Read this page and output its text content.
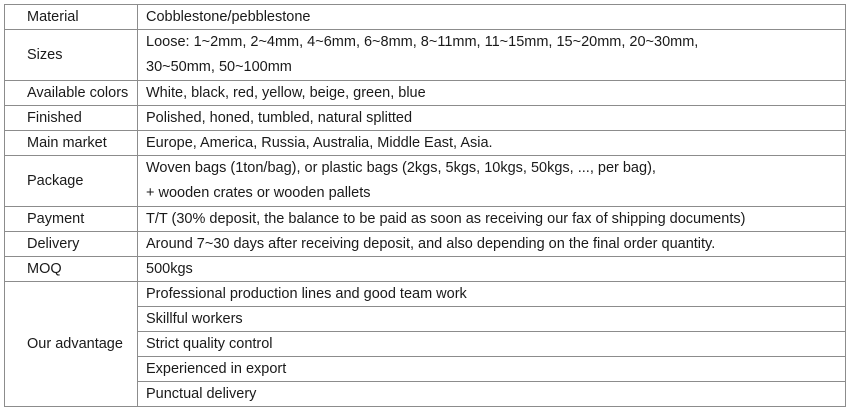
Material	Cobblestone/pebblestone
Sizes	Loose: 1~2mm, 2~4mm, 4~6mm, 6~8mm, 8~11mm, 11~15mm, 15~20mm, 20~30mm,
30~50mm, 50~100mm

Available colors	White, black, red, yellow, beige, green, blue
Finished	Polished, honed, tumbled, natural splitted
Main market	Europe, America, Russia, Australia, Middle East, Asia.
Package	Woven bags (1ton/bag), or plastic bags (2kgs, 5kgs, 10kgs, 50kgs, ..., per bag),
+ wooden crates or wooden pallets

Payment	T/T (30% deposit, the balance to be paid as soon as receiving our fax of shipping documents)
Delivery	Around 7~30 days after receiving deposit, and also depending on the final order quantity.
MOQ	500kgs
Our advantage	Professional production lines and good team work
	Skillful workers
	Strict quality control
	Experienced in export
	Punctual delivery
